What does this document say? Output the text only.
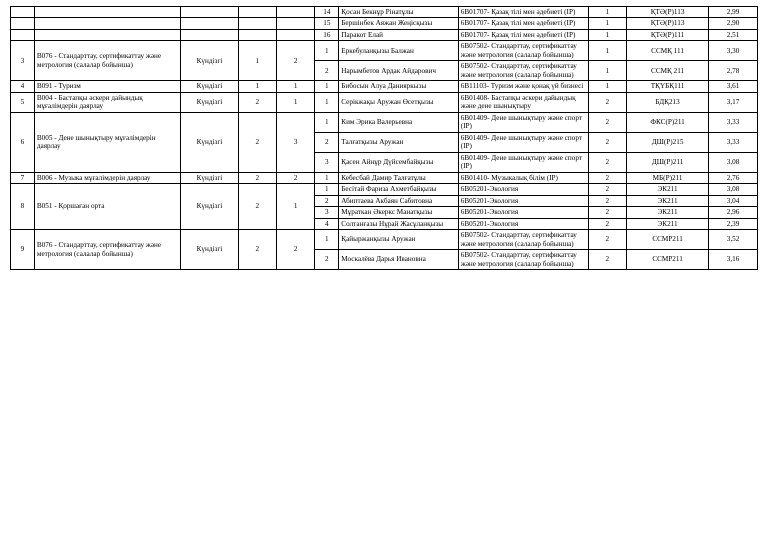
					14	Қосан Бекнұр Рінатұлы	6В01707- Қазақ тілі мен әдебиеті (IP)	1	ҚТӘ(Р)113	2,99
					15	Бершінбек Аяжан Жеңісқызы	6В01707- Қазақ тілі мен әдебиеті (IP)	1	ҚТӘ(Р)113	2,90
					16	Паракот Елай	6В01707- Қазақ тілі мен әдебиеті (IP)	1	ҚТӘ(Р)111	2,51
3	В076 - Стандарттау, сертификаттау және метрология (салалар бойынша)	Күндізгі	1	2	1	Еркебуланқызы Балжан	6В07502- Стандарттау, сертификаттау және метрология (салалар бойынша)	1	ССМҚ 111	3,30
					2	Нарымбетов Ардак Айдарович	6В07502- Стандарттау, сертификаттау және метрология (салалар бойынша)	1	ССМҚ 211	2,78
4	В091 - Туризм	Күндізгі	1	1	1	Бибосын Алуа Данияркызы	6В11103- Туризм және қонақ үй бизнесі	1	ТҚҮБҚ111	3,61
5	В004 - Бастапқы әскери дайындық мұғалімдерін даярлау	Күндізгі	2	1	1	Серікжақы Аружан Өсетқызы	6В01408- Бастапқы әскери дайындық және дене шынықтыру	2	БДҚ213	3,17
6	В005 - Дене шынықтыру мұғалімдерін даярлау	Күндізгі	2	3	1	Ким Эрика Валерьевна	6В01409- Дене шынықтыру және спорт (IP)	2	ФКС(Р)211	3,33
					2	Талғатқызы Аружан	6В01409- Дене шынықтыру және спорт (IP)	2	ДШ(Р)215	3,33
					3	Қасен Айнұр Дүйсембайқызы	6В01409- Дене шынықтыру және спорт (IP)	2	ДШ(Р)211	3,08
7	В006 - Музыка мұғалімдерін даярлау	Күндізгі	2	2	1	Кебесбай Дамир Талғатұлы	6В01410- Музыкалық білім (IP)	2	МБ(Р)211	2,76
8	В051 - Қоршаған орта	Күндізгі	2	1	1	Бесітай Фариза Ахметбайқызы	6В05201-Экология	2	ЭК211	3,08
					2	Абиптаева Акбаян Сабитовна	6В05201-Экология	2	ЭК211	3,04
					3	Мұраткан Әкеркс Манатқызы	6В05201-Экология	2	ЭК211	2,96
					4	Солтанғазы Нұрай Жасұланқызы	6В05201-Экология	2	ЭК211	2,39
9	В076 - Стандарттау, сертификаттау және метрология (салалар бойынша)	Күндізгі	2	2	1	Қайыржанқызы Аружан	6В07502- Стандарттау, сертификаттау және метрология (салалар бойынша)	2	ССМР211	3,52
					2	Москалёва Дарья Ивановна	6В07502- Стандарттау, сертификаттау және метрология (салалар бойынша)	2	ССМР211	3,16
